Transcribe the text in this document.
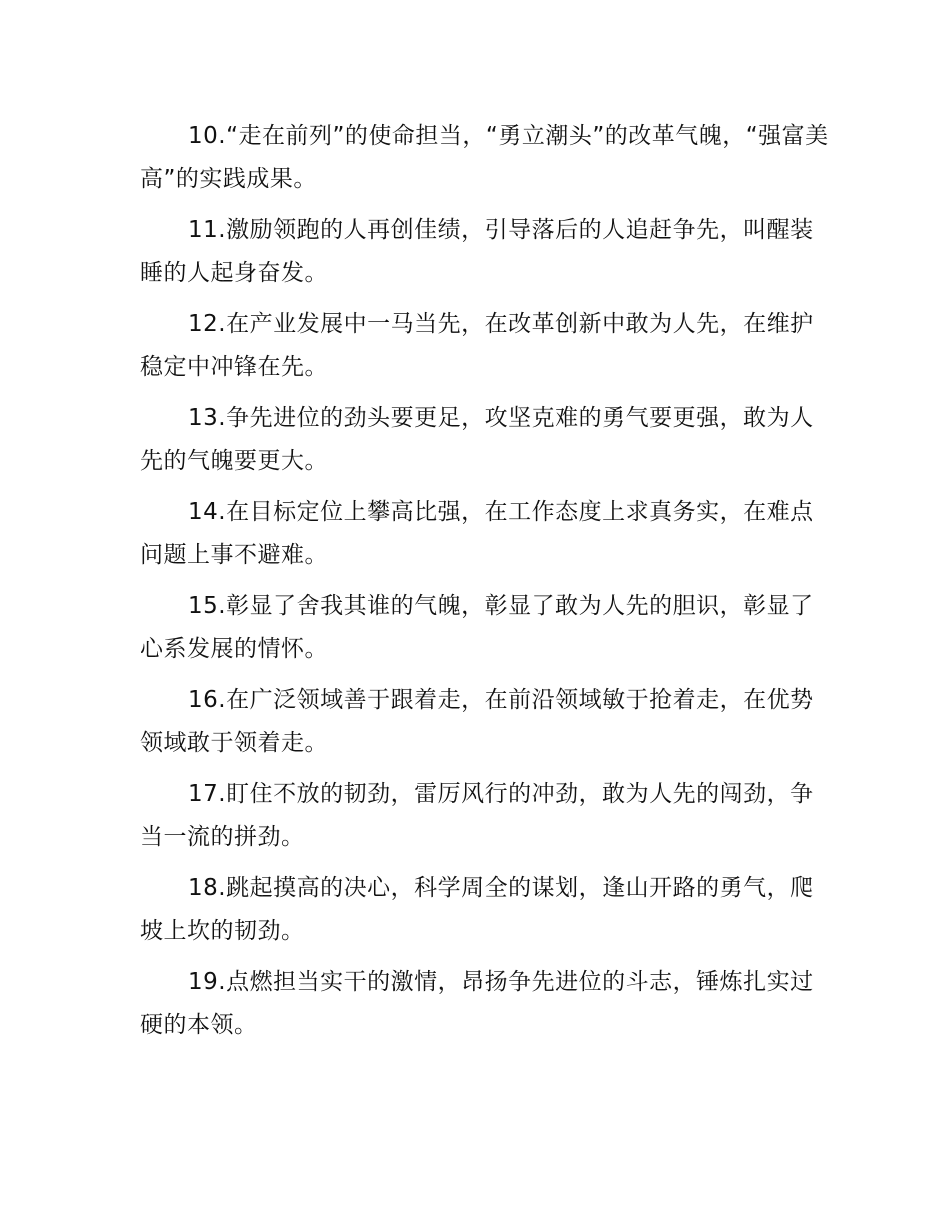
10.“走在前列”的使命担当，“勇立潮头”的改革气魄，“强富美高”的实践成果。

11.激励领跑的人再创佳绩，引导落后的人追赶争先，叫醒装睡的人起身奋发。

12.在产业发展中一马当先，在改革创新中敢为人先，在维护稳定中冲锋在先。

13.争先进位的劲头要更足，攻坚克难的勇气要更强，敢为人先的气魄要更大。

14.在目标定位上攀高比强，在工作态度上求真务实，在难点问题上事不避难。

15.彰显了舍我其谁的气魄，彰显了敢为人先的胆识，彰显了心系发展的情怀。

16.在广泛领域善于跟着走，在前沿领域敏于抢着走，在优势领域敢于领着走。

17.盯住不放的韧劲，雷厉风行的冲劲，敢为人先的闯劲，争当一流的拼劲。

18.跳起摸高的决心，科学周全的谋划，逢山开路的勇气，爬坡上坎的韧劲。

19.点燃担当实干的激情，昂扬争先进位的斗志，锤炼扎实过硬的本领。
